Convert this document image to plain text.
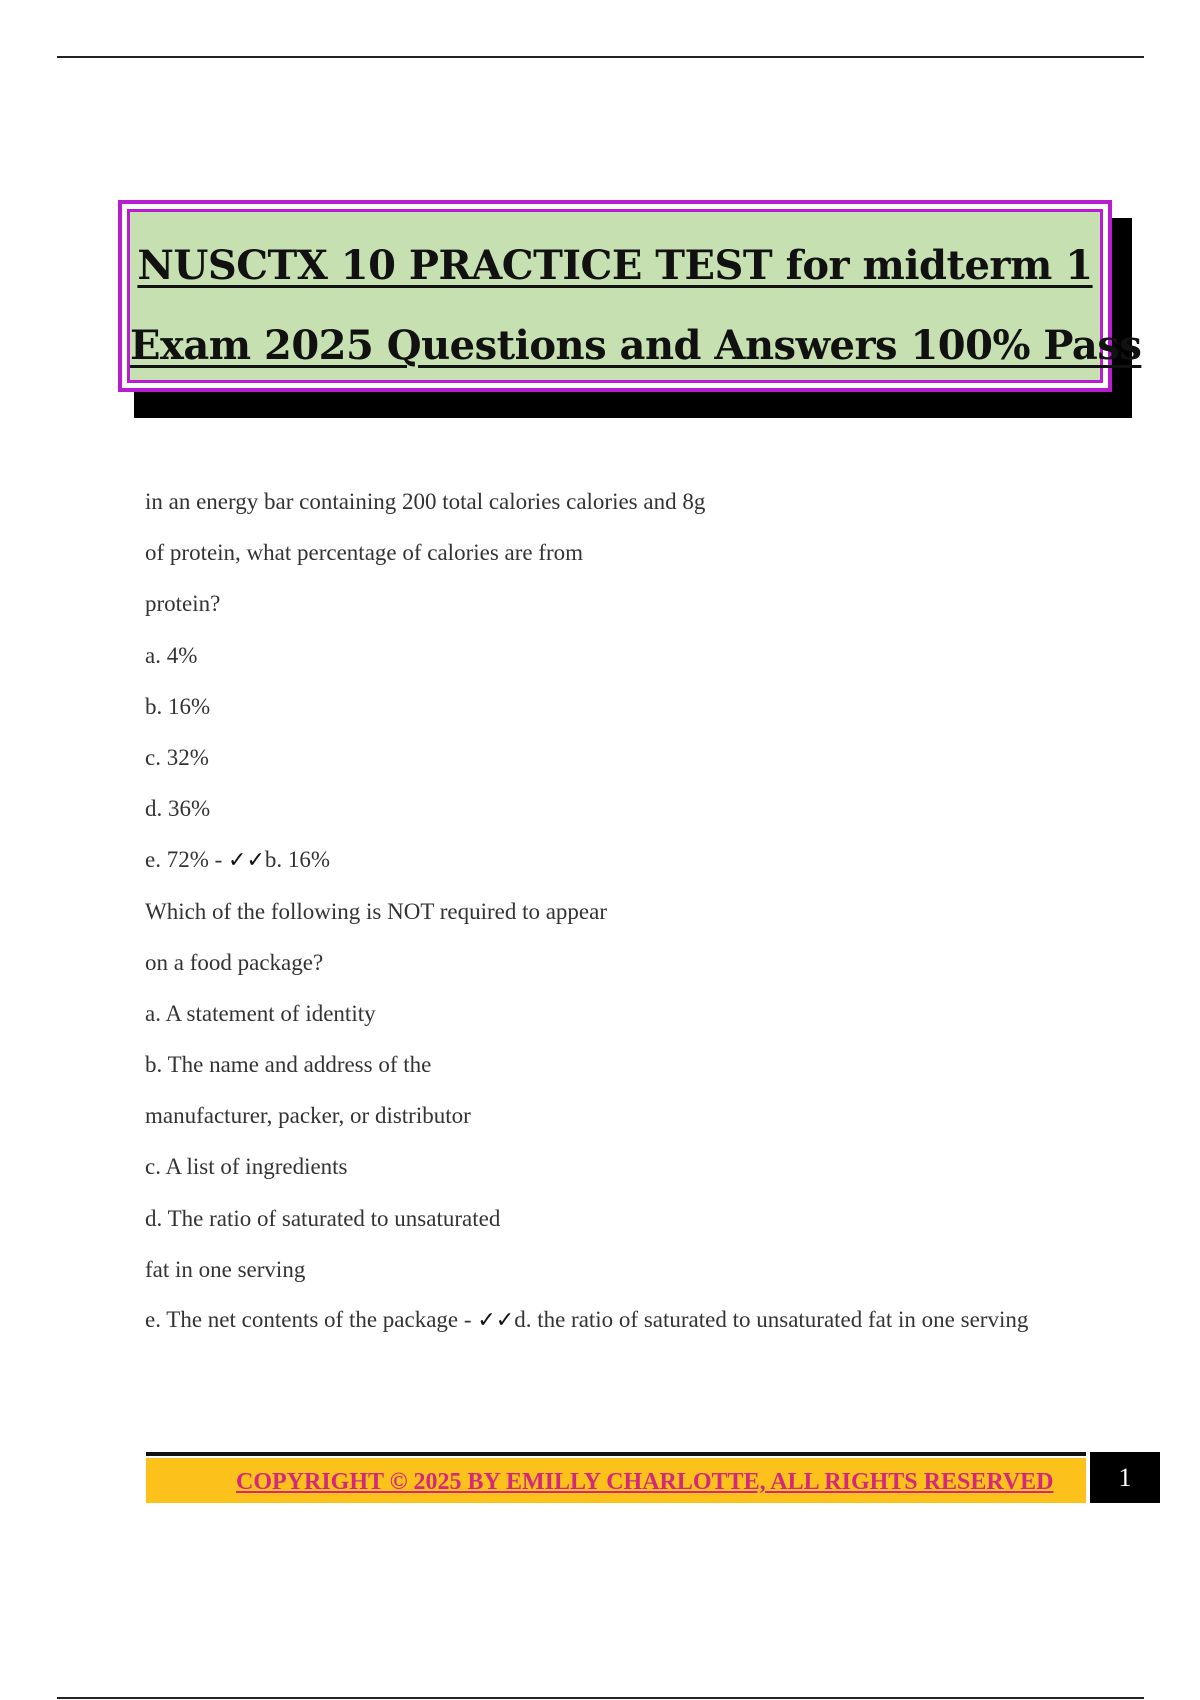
NUSCTX 10 PRACTICE TEST for midterm 1
Exam 2025 Questions and Answers 100% Pass
in an energy bar containing 200 total calories calories and 8g
of protein, what percentage of calories are from
protein?
a. 4%
b. 16%
c. 32%
d. 36%
e. 72% - ✓✓b. 16%
Which of the following is NOT required to appear
on a food package?
a. A statement of identity
b. The name and address of the
manufacturer, packer, or distributor
c. A list of ingredients
d. The ratio of saturated to unsaturated
fat in one serving
e. The net contents of the package - ✓✓d. the ratio of saturated to unsaturated fat in one serving
COPYRIGHT © 2025 BY EMILLY CHARLOTTE, ALL RIGHTS RESERVED	1
